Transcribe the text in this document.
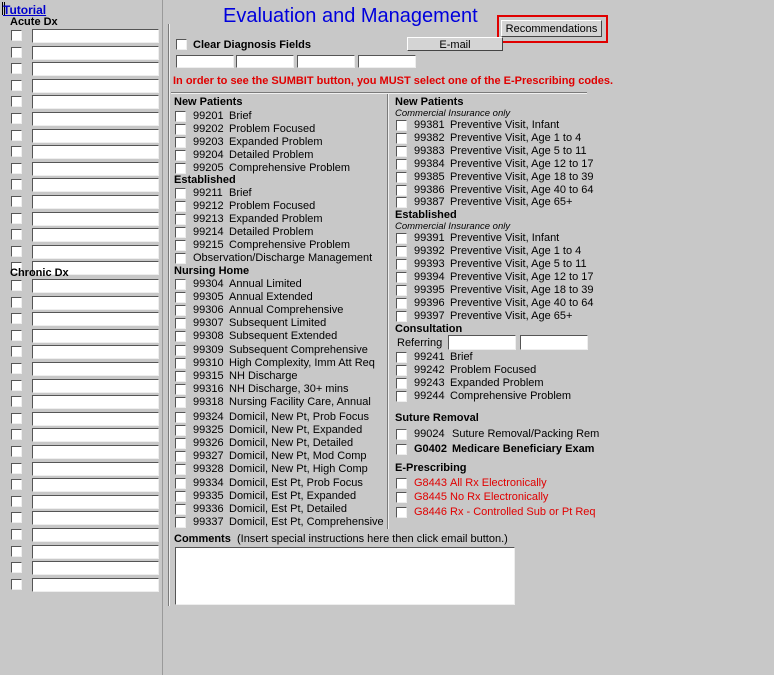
Tutorial
Acute Dx
Chronic Dx
Evaluation and Management
Recommendations
E-mail
Clear Diagnosis Fields
In order to see the SUMBIT button, you MUST select one of the E-Prescribing codes.
New Patients
99201 Brief
99202 Problem Focused
99203 Expanded Problem
99204 Detailed Problem
99205 Comprehensive Problem
Established
99211 Brief
99212 Problem Focused
99213 Expanded Problem
99214 Detailed Problem
99215 Comprehensive Problem
Observation/Discharge Management
Nursing Home
99304 Annual Limited
99305 Annual Extended
99306 Annual Comprehensive
99307 Subsequent Limited
99308 Subsequent Extended
99309 Subsequent Comprehensive
99310 High Complexity, Imm Att Req
99315 NH Discharge
99316 NH Discharge, 30+ mins
99318 Nursing Facility Care, Annual
99324 Domicil, New Pt, Prob Focus
99325 Domicil, New Pt, Expanded
99326 Domicil, New Pt, Detailed
99327 Domicil, New Pt, Mod Comp
99328 Domicil, New Pt, High Comp
99334 Domicil, Est Pt, Prob Focus
99335 Domicil, Est Pt, Expanded
99336 Domicil, Est Pt, Detailed
99337 Domicil, Est Pt, Comprehensive
Comments (Insert special instructions here then click email button.)
New Patients
Commercial Insurance only
99381 Preventive Visit, Infant
99382 Preventive Visit, Age 1 to 4
99383 Preventive Visit, Age 5 to 11
99384 Preventive Visit, Age 12 to 17
99385 Preventive Visit, Age 18 to 39
99386 Preventive Visit, Age 40 to 64
99387 Preventive Visit, Age 65+
Established
Commercial Insurance only
99391 Preventive Visit, Infant
99392 Preventive Visit, Age 1 to 4
99393 Preventive Visit, Age 5 to 11
99394 Preventive Visit, Age 12 to 17
99395 Preventive Visit, Age 18 to 39
99396 Preventive Visit, Age 40 to 64
99397 Preventive Visit, Age 65+
Consultation
Referring
99241 Brief
99242 Problem Focused
99243 Expanded Problem
99244 Comprehensive Problem
Suture Removal
99024 Suture Removal/Packing Rem
G0402 Medicare Beneficiary Exam
E-Prescribing
G8443 All Rx Electronically
G8445 No Rx Electronically
G8446 Rx - Controlled Sub or Pt Req
